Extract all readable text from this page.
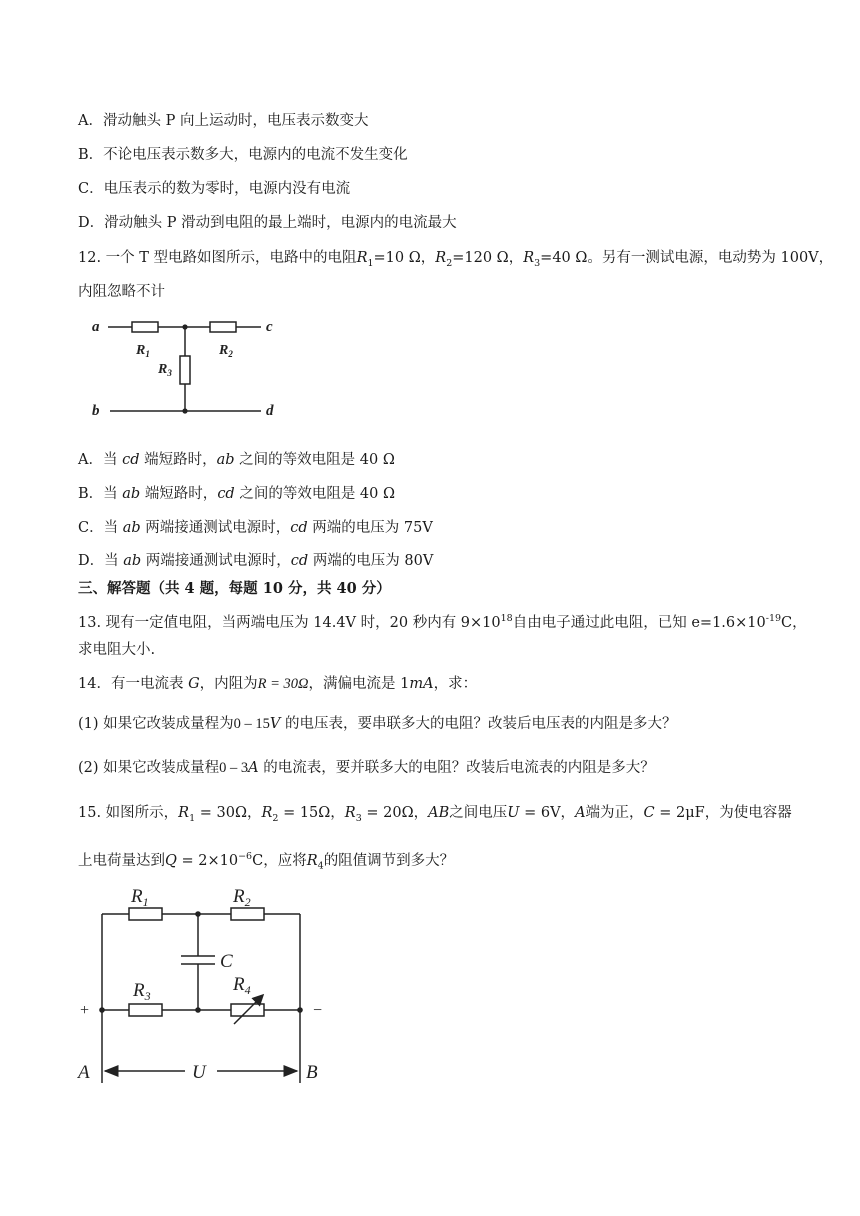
A．滑动触头 P 向上运动时，电压表示数变大
B．不论电压表示数多大，电源内的电流不发生变化
C．电压表示的数为零时，电源内没有电流
D．滑动触头 P 滑动到电阻的最上端时，电源内的电流最大
12. 一个 T 型电路如图所示，电路中的电阻$R_1=10$ Ω，$R_2=120$ Ω，$R_3=40$ Ω。另有一测试电源，电动势为 100V，
内阻忽略不计
a	c
b	d
$R_1$	$R_2$
$R_3$
A．当 cd 端短路时，ab 之间的等效电阻是 40 Ω
B．当 ab 端短路时，cd 之间的等效电阻是 40 Ω
C．当 ab 两端接通测试电源时，cd 两端的电压为 75V
D．当 ab 两端接通测试电源时，cd 两端的电压为 80V
三、解答题（共 4 题，每题 10 分，共 40 分）
13. 现有一定值电阻，当两端电压为 14.4V 时，20 秒内有 $9\times 10^{18}$自由电子通过此电阻，已知 $e=1.6\times 10^{-19}C$，
求电阻大小.
14．有一电流表 G，内阻为R = 30Ω，满偏电流是 1mA，求：
(1) 如果它改装成量程为0 – 15V 的电压表，要串联多大的电阻？改装后电压表的内阻是多大？
(2) 如果它改装成量程0 – 3A 的电流表，要并联多大的电阻？改装后电流表的内阻是多大？
15. 如图所示，$R_1 = 30\Omega$，$R_2 = 15\Omega$，$R_3 = 20\Omega$，AB之间电压U = 6V，A端为正，C = 2μF，为使电容器
上电荷量达到$Q = 2\times 10^{-6}C$，应将$R_4$的阻值调节到多大？
$R_1$	$R_2$
$R_3$
$R_4$
C
A	B
U
+	−
